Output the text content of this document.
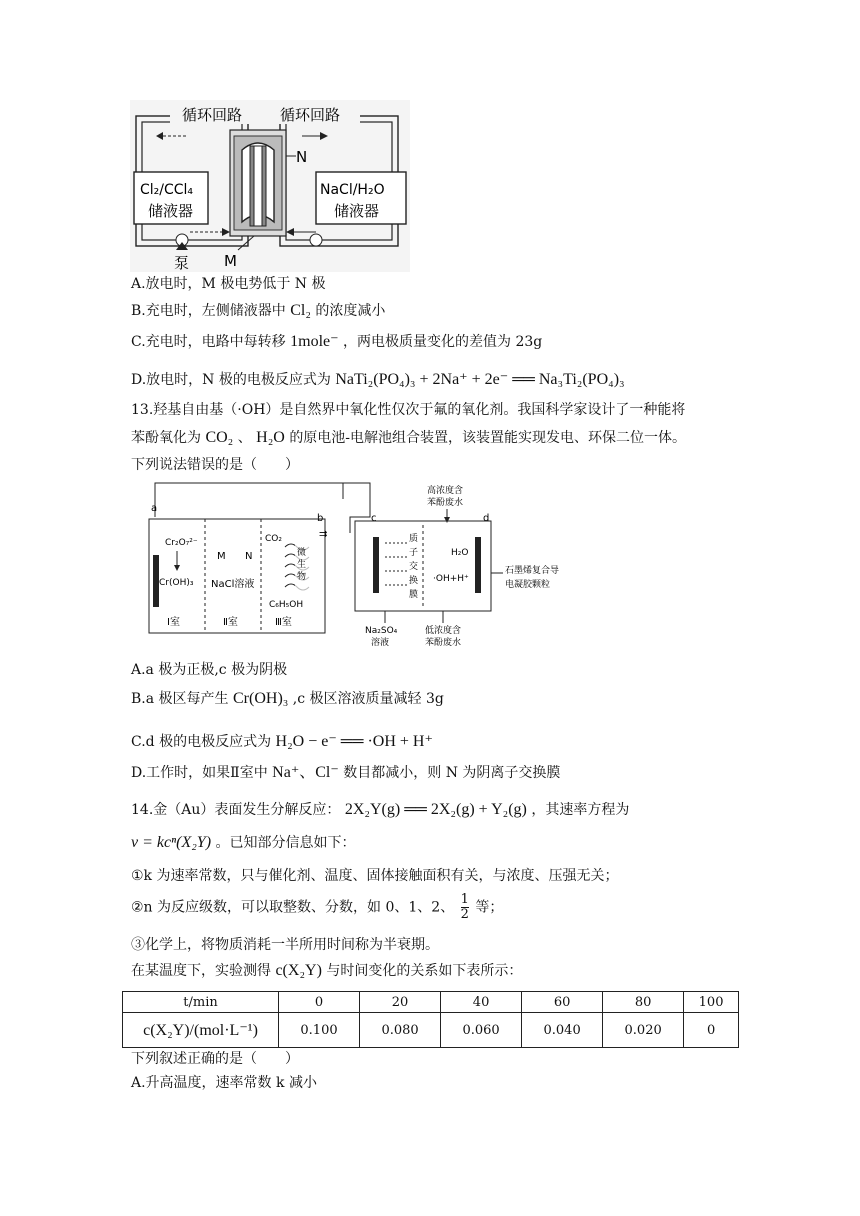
循环回路	循环回路
Cl₂/CCl₄
储液器
NaCl/H₂O
储液器
N
泵 M
A.放电时，M 极电势低于 N 极
B.充电时，左侧储液器中 Cl₂ 的浓度减小
C.充电时，电路中每转移 1mole⁻ ，两电极质量变化的差值为 23g
D.放电时，N 极的电极反应式为 NaTi₂(PO₄)₃ + 2Na⁺ + 2e⁻ ══ Na₃Ti₂(PO₄)₃
13.羟基自由基（·OH）是自然界中氧化性仅次于氟的氧化剂。我国科学家设计了一种能将
苯酚氧化为 CO₂ 、 H₂O 的原电池-电解池组合装置，该装置能实现发电、环保二位一体。
下列说法错误的是（　　）
a
b
Cr₂O₇²⁻
Cr(OH)₃
M N
NaCl溶液
CO₂
微
生
物
C₆H₅OH
Ⅰ室	Ⅱ室	Ⅲ室
⇉
c
质
子
交
换
膜
H₂O
·OH+H⁺
d
高浓度含
苯酚废水
Na₂SO₄
溶液
低浓度含
苯酚废水
石墨烯复合导
电凝胶颗粒
A.a 极为正极,c 极为阴极
B.a 极区每产生 Cr(OH)₃ ,c 极区溶液质量减轻 3g
C.d 极的电极反应式为 H₂O − e⁻ ══ ·OH + H⁺
D.工作时，如果Ⅱ室中 Na⁺、Cl⁻ 数目都减小，则 N 为阴离子交换膜
14.金（Au）表面发生分解反应： 2X₂Y(g) ══ 2X₂(g) + Y₂(g) ，其速率方程为
v = kcⁿ(X₂Y) 。已知部分信息如下：
①k 为速率常数，只与催化剂、温度、固体接触面积有关，与浓度、压强无关；
②n 为反应级数，可以取整数、分数，如 0、1、2、 $\frac{1}{2}$ 等；
③化学上，将物质消耗一半所用时间称为半衰期。
在某温度下，实验测得 c(X₂Y) 与时间变化的关系如下表所示：
t/min	0	20	40	60	80	100
c(X₂Y)/(mol·L⁻¹)	0.100	0.080	0.060	0.040	0.020	0
下列叙述正确的是（　　）
A.升高温度，速率常数 k 减小
